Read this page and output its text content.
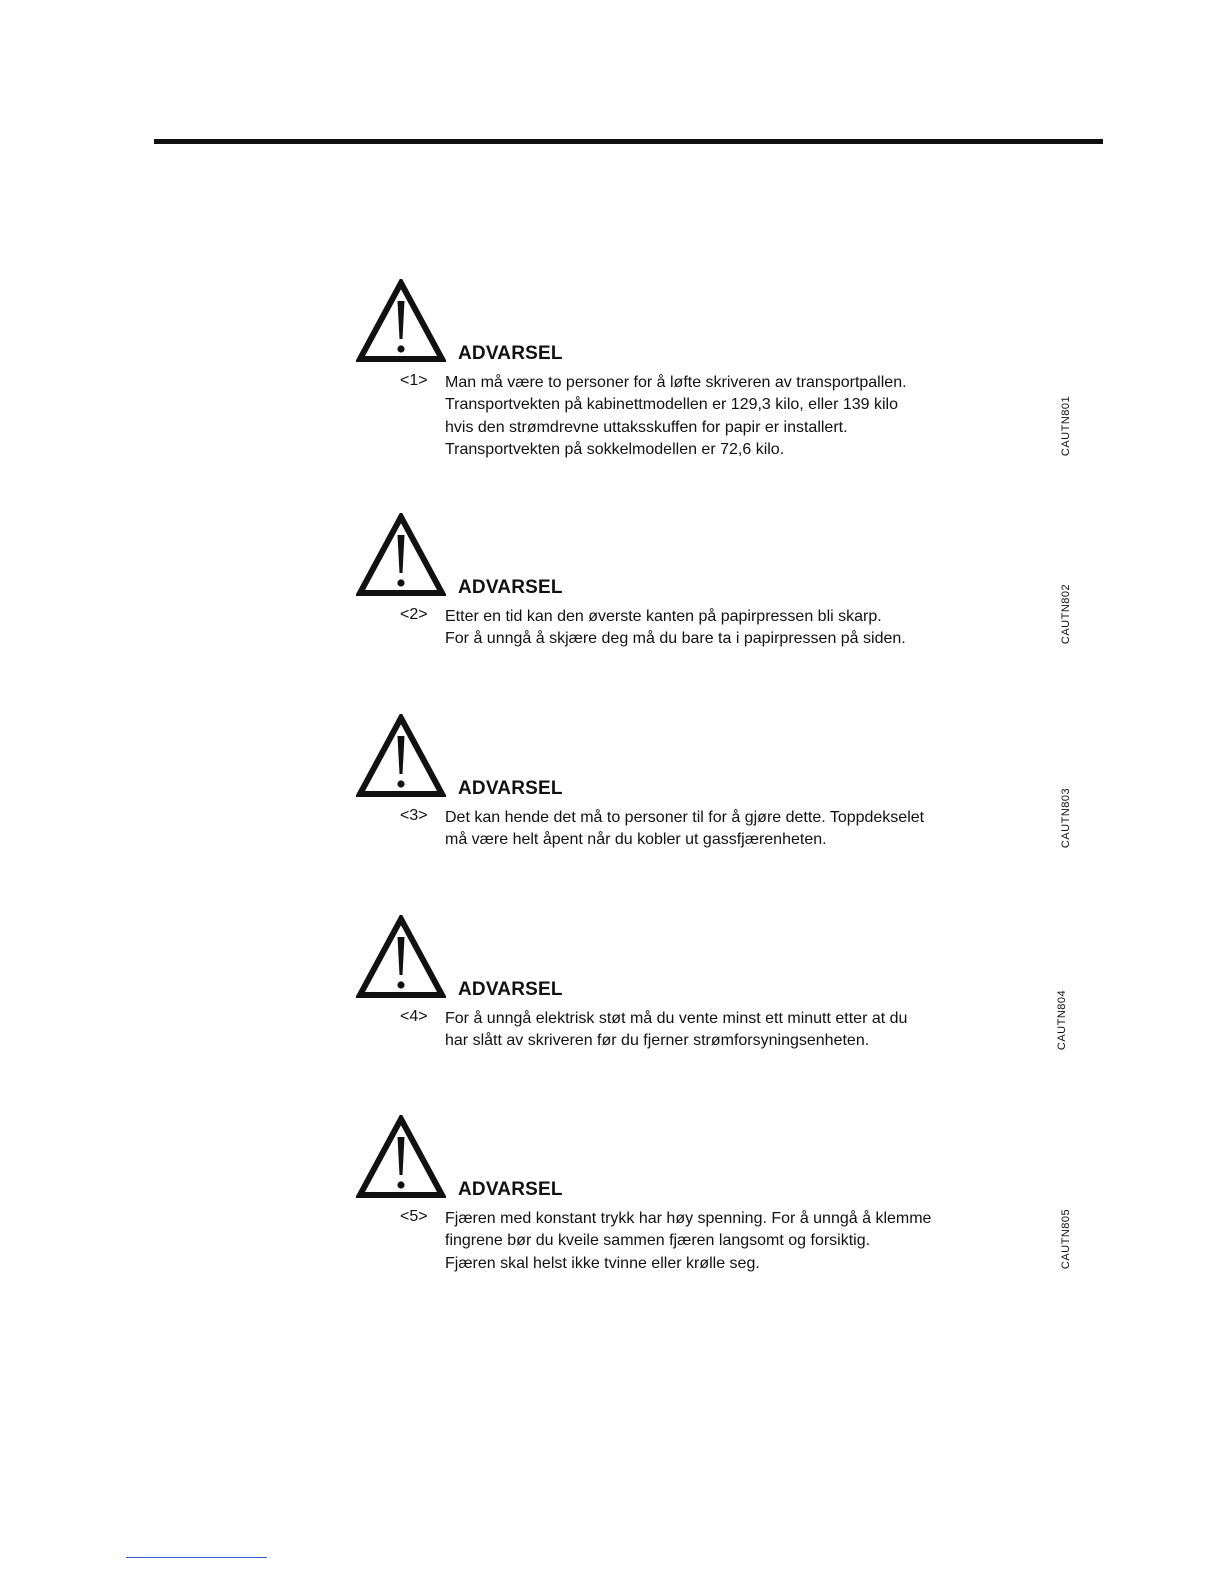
ADVARSEL
<1> Man må være to personer for å løfte skriveren av transportpallen.
Transportvekten på kabinettmodellen er 129,3 kilo, eller 139 kilo
hvis den strømdrevne uttaksskuffen for papir er installert.
Transportvekten på sokkelmodellen er 72,6 kilo.	CAUTN801
ADVARSEL
<2> Etter en tid kan den øverste kanten på papirpressen bli skarp.
For å unngå å skjære deg må du bare ta i papirpressen på siden.	CAUTN802
ADVARSEL
<3> Det kan hende det må to personer til for å gjøre dette. Toppdekselet
må være helt åpent når du kobler ut gassfjærenheten.	CAUTN803
ADVARSEL
<4> For å unngå elektrisk støt må du vente minst ett minutt etter at du
har slått av skriveren før du fjerner strømforsyningsenheten.	CAUTN804
ADVARSEL
<5> Fjæren med konstant trykk har høy spenning. For å unngå å klemme
fingrene bør du kveile sammen fjæren langsomt og forsiktig.
Fjæren skal helst ikke tvinne eller krølle seg.	CAUTN805
